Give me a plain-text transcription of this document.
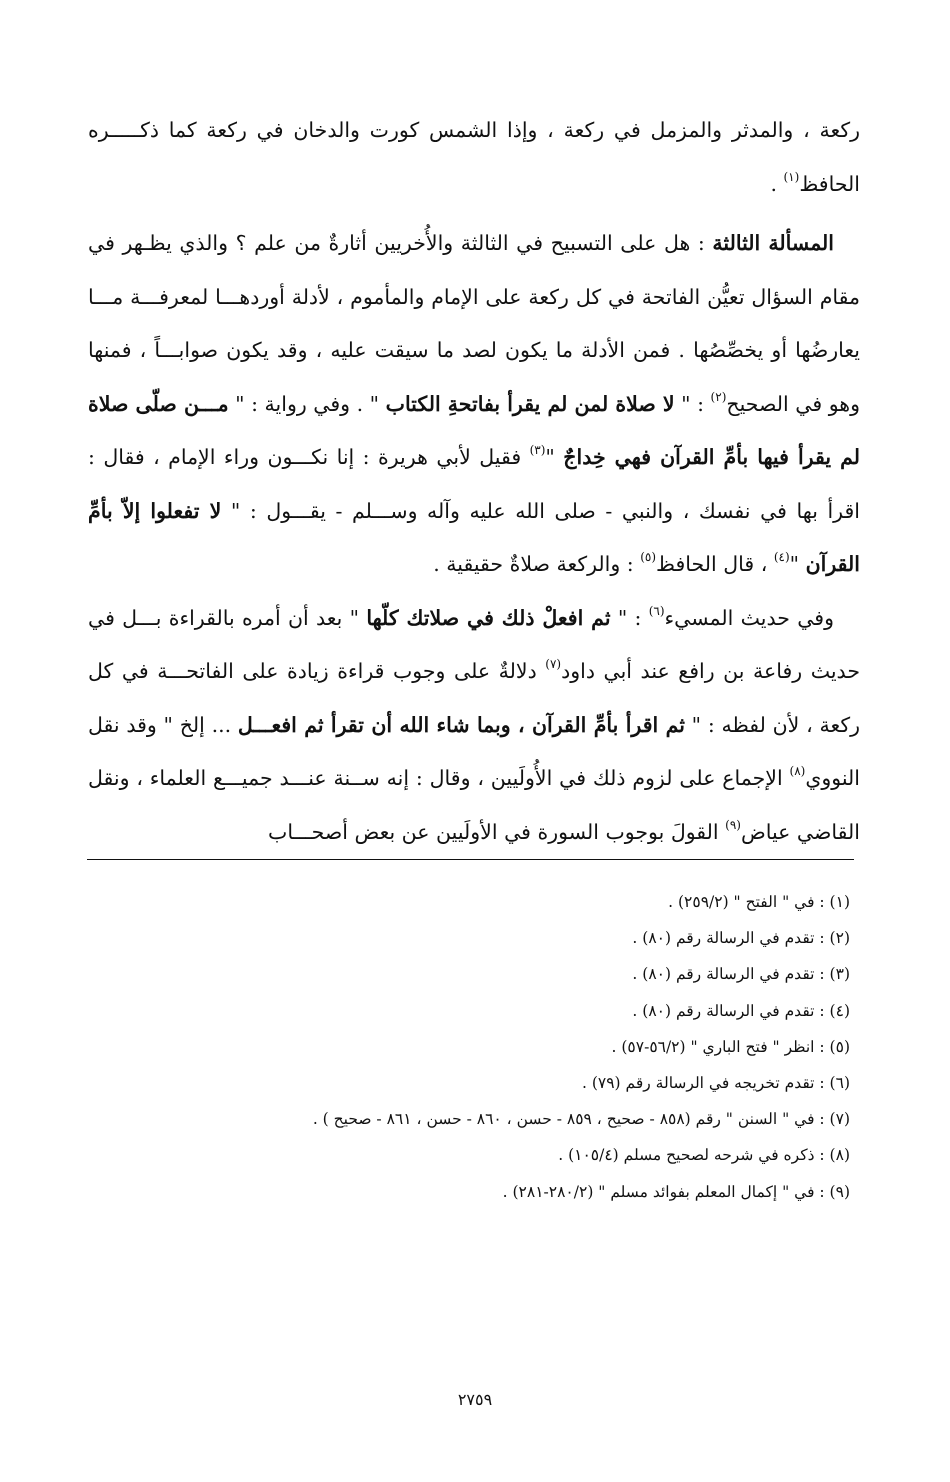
ركعة ، والمدثر والمزمل في ركعة ، وإذا الشمس كورت والدخان في ركعة كما ذكـــــره الحافظ$^{(١)}$ .

المسألة الثالثة : هل على التسبيح في الثالثة والأُخريين أثارةٌ من علم ؟ والذي يظـهر في مقام السؤال تعيُّن الفاتحة في كل ركعة على الإمام والمأموم ، لأدلة أوردهـــا لمعرفـــة مـــا يعارضُها أو يخصِّصُها . فمن الأدلة ما يكون لصد ما سيقت عليه ، وقد يكون صوابـــاً ، فمنها وهو في الصحيح$^{(٢)}$ : " لا صلاة لمن لم يقرأ بفاتحةِ الكتاب " . وفي رواية : " مـــن صلّى صلاة لم يقرأ فيها بأمِّ القرآن فهي خِداجٌ "$^{(٣)}$ فقيل لأبي هريرة : إنا نكـــون وراء الإمام ، فقال : اقرأ بها في نفسك ، والنبي - صلى الله عليه وآله وســـلم - يقـــول : " لا تفعلوا إلاّ بأمِّ القرآن "$^{(٤)}$ ، قال الحافظ$^{(٥)}$ : والركعة صلاةٌ حقيقية .

وفي حديث المسيء$^{(٦)}$ : " ثم افعلْ ذلك في صلاتك كلّها " بعد أن أمره بالقراءة بـــل في حديث رفاعة بن رافع عند أبي داود$^{(٧)}$ دلالةٌ على وجوب قراءة زيادة على الفاتحـــة في كل ركعة ، لأن لفظه : " ثم اقرأ بأمِّ القرآن ، وبما شاء الله أن تقرأ ثم افعـــل ... إلخ " وقد نقل النووي$^{(٨)}$ الإجماع على لزوم ذلك في الأُولَيين ، وقال : إنه ســنة عنـــد جميـــع العلماء ، ونقل القاضي عياض$^{(٩)}$ القولَ بوجوب السورة في الأولَيين عن بعض أصحـــاب

(١) : في " الفتح " (٢٥٩/٢) .

(٢) : تقدم في الرسالة رقم (٨٠) .

(٣) : تقدم في الرسالة رقم (٨٠) .

(٤) : تقدم في الرسالة رقم (٨٠) .

(٥) : انظر " فتح الباري " (٥٦/٢-٥٧) .

(٦) : تقدم تخريجه في الرسالة رقم (٧٩) .

(٧) : في " السنن " رقم (٨٥٨ - صحيح ، ٨٥٩ - حسن ، ٨٦٠ - حسن ، ٨٦١ - صحيح ) .

(٨) : ذكره في شرحه لصحيح مسلم (١٠٥/٤) .

(٩) : في " إكمال المعلم بفوائد مسلم " (٢٨٠/٢-٢٨١) .

٢٧٥٩
